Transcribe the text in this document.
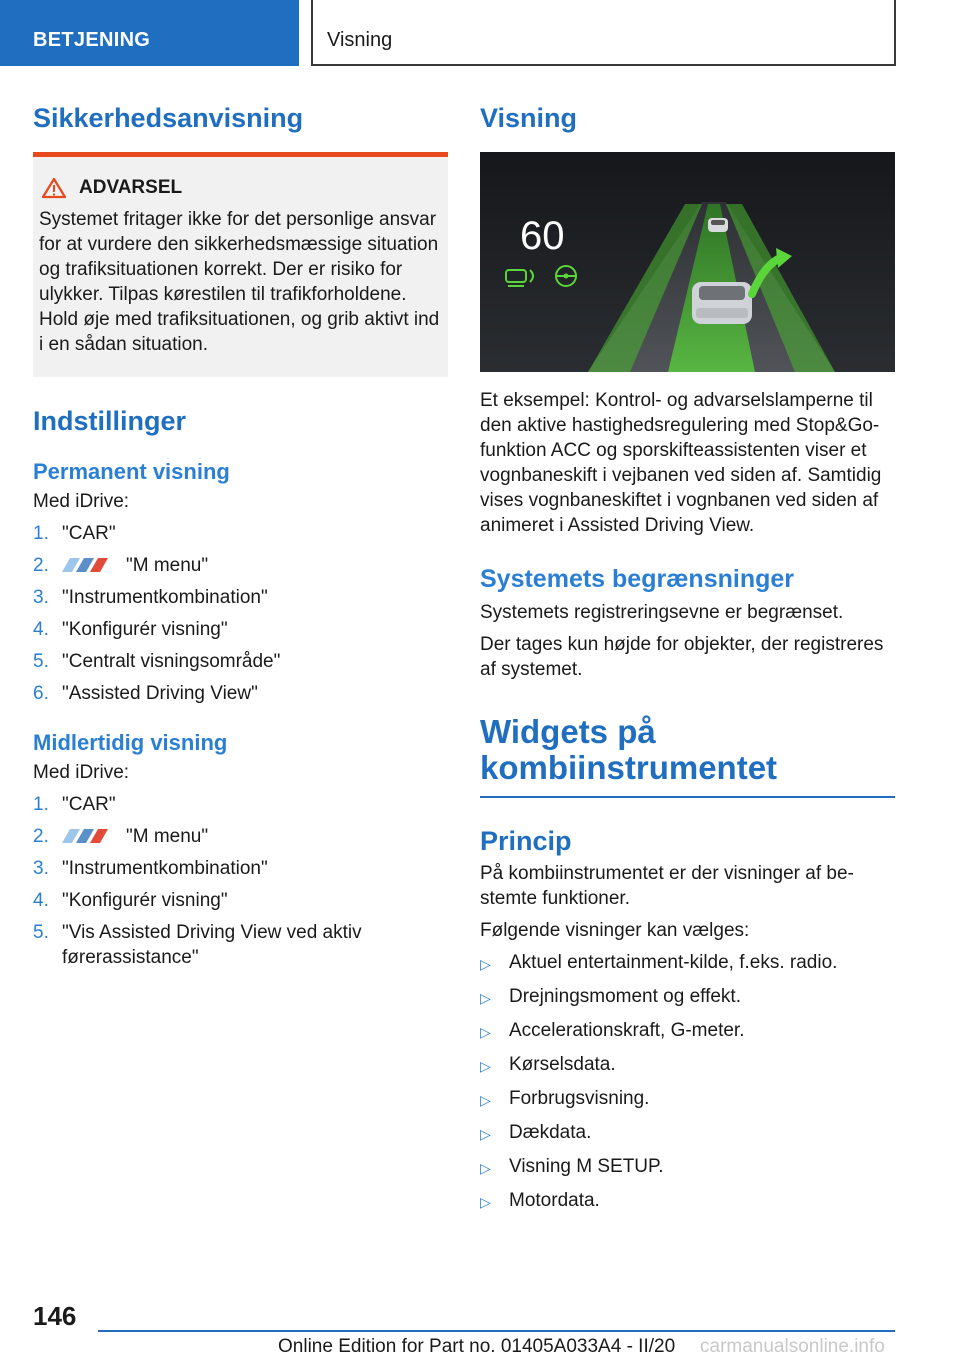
BETJENING	Visning
Sikkerhedsanvisning
ADVARSEL
Systemet fritager ikke for det personlige ansvar for at vurdere den sikkerhedsmæssige situation og trafiksituationen korrekt. Der er risiko for ulykker. Tilpas kørestilen til trafikforholdene. Hold øje med trafiksituationen, og grib aktivt ind i en sådan situation.
Indstillinger
Permanent visning

Med iDrive:

1. "CAR"
2.	"M menu"
3. "Instrumentkombination"
4. "Konfigurér visning"
5. "Centralt visningsområde"
6. "Assisted Driving View"
Midlertidig visning

Med iDrive:

1. "CAR"
2.	"M menu"
3. "Instrumentkombination"
4. "Konfigurér visning"
5. "Vis Assisted Driving View ved aktiv førerassistance"
Visning
60

Et eksempel: Kontrol- og advarselslamperne til den aktive hastighedsregulering med Stop&Go-funktion ACC og sporskifteassistenten viser et vognbaneskift i vejbanen ved siden af. Samtidig vises vognbaneskiftet i vognbanen ved siden af animeret i Assisted Driving View.

Systemets begrænsninger

Systemets registreringsevne er begrænset.

Der tages kun højde for objekter, der registreres af systemet.

Widgets på
kombiinstrumentet
Princip

På kombiinstrumentet er der visninger af be-stemte funktioner.

Følgende visninger kan vælges:

▷ Aktuel entertainment-kilde, f.eks. radio.
▷ Drejningsmoment og effekt.
▷ Accelerationskraft, G-meter.
▷ Kørselsdata.
▷ Forbrugsvisning.
▷ Dækdata.
▷ Visning M SETUP.
▷ Motordata.
146
Online Edition for Part no. 01405A033A4 - II/20 carmanualsonline.info
